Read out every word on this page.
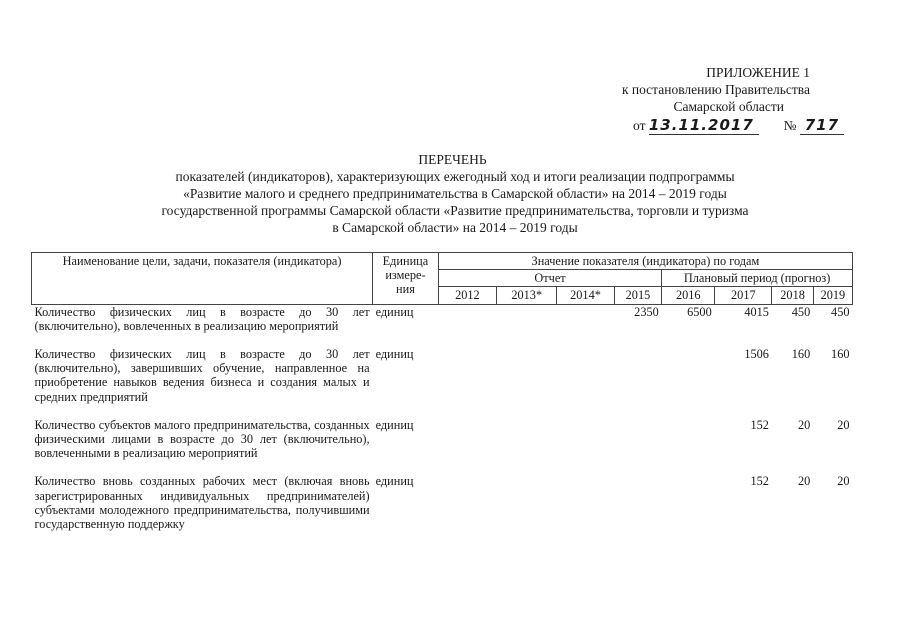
ПРИЛОЖЕНИЕ 1
к постановлению Правительства
Самарской области
от 13.11.2017 № 717
ПЕРЕЧЕНЬ
показателей (индикаторов), характеризующих ежегодный ход и итоги реализации подпрограммы
«Развитие малого и среднего предпринимательства в Самарской области» на 2014 – 2019 годы
государственной программы Самарской области «Развитие предпринимательства, торговли и туризма
в Самарской области» на 2014 – 2019 годы
Наименование цели, задачи, показателя (индикатора)	Единица измере-ния	Значение показателя (индикатора) по годам							
		Отчет				Плановый период (прогноз)			
		2012	2013*	2014*	2015	2016	2017	2018	2019
Количество физических лиц в возрасте до 30 лет (включительно), вовлеченных в реализацию мероприятий	единиц				2350	6500	4015	450	450

Количество физических лиц в возрасте до 30 лет (включительно), завершивших обучение, направленное на приобретение навыков ведения бизнеса и создания малых и средних предприятий	единиц						1506	160	160

Количество субъектов малого предпринимательства, созданных физическими лицами в возрасте до 30 лет (включительно), вовлеченными в реализацию мероприятий	единиц						152	20	20

Количество вновь созданных рабочих мест (включая вновь зарегистрированных индивидуальных предпринимателей) субъектами молодежного предпринимательства, получившими государственную поддержку	единиц						152	20	20
